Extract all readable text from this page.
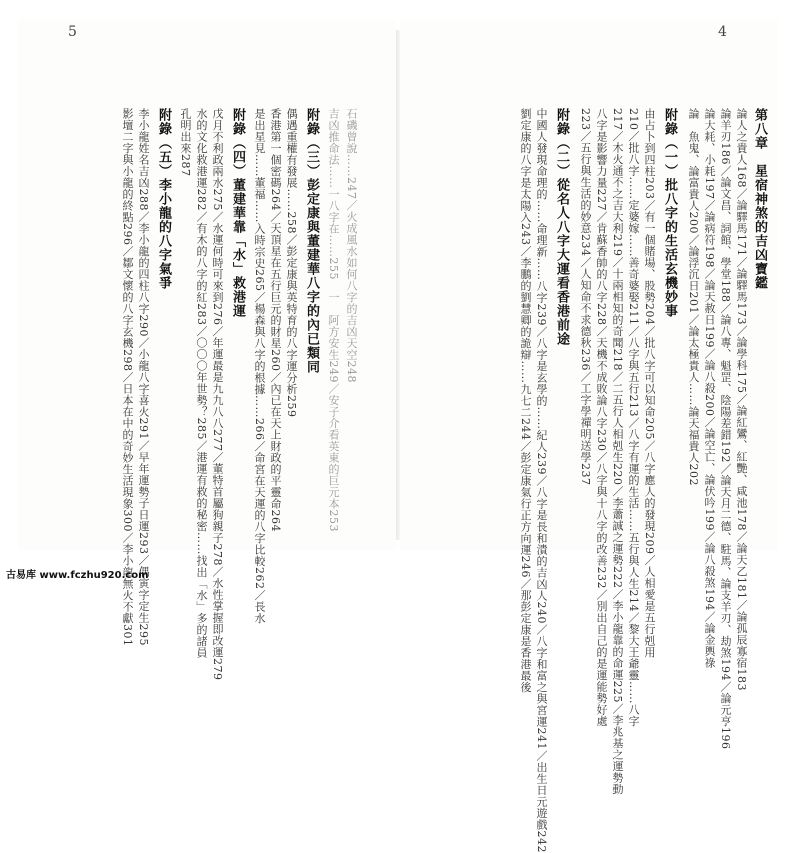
5
石磯曾說……247／火成風水如何八字的吉凶天空248
吉凶推命法……一八字在……255　一　阿方安生249／安子介看英東的巨元本253
附錄（三）彭定康與董建華八字的內已類同
偶遇重權有發展……258／彭定康與英特育的八字運分析259
香港第一個密碼264／天頂星在五行巨元的財星260／內已在天上財政的平靈命264
是出星見……董福……入時宗史265／楊森與八字的根據……266／命宮在天運的八字比較262／長水
附錄（四）董建華靠「水」救港運
戊月不利政兩水275／水運何時可來到276／年運最是九九八八277／董特首屬狗親子278／水性掌握即改運279
水的文化救港運282／有木的八字的紅283／〇〇〇年世勢？285／港運有救的秘密……找出「水」多的諸員
孔明出來287
附錄（五）李小龍的八字氣爭
李小龍姓名吉凶288／李小龍的四柱八字290／小龍八字喜火291／早年運勢子日運293／偶寅字定生295
影壇二字與小龍的終點296／鄒文懷的八字玄機298／日本在中的奇妙生活現象300／李小龍無火不獻301
4
第八章　星宿神煞的吉凶寶鑑
論人之貴人168／論驛馬171／論驛馬173／論學科175／論紅鸞、紅艷、咸池178／論天乙181／論孤辰寡宿183
論羊刃186／論文昌、詞館、學堂188／論八專、魁罡、陰陽差錯192／論天月二德、駐馬、論支羊刃、劫煞194／論元亨196
論大耗、小耗197／論病符198／論天赦日199／論八殺200／論空亡、論伏吟199／論八殺煞194／論金輿祿
論　魚鬼、論富貴人200／論浮沉日201／論太極貴人……論天福貴人202
附錄（一）批八字的生活玄機妙事
由占卜到四柱203／有一個賭場、股勢204／批八字可以知命205／八字應人的發現209／人相愛是五行剋用
210／批八字……定婆嫁……善奇婆娶211／八字與五行213／八字有運的生活……五行與人生214／黎大王爺靈……八字
217／木火通不之吉大利219／十兩相知的奇聞218／二五行人相剋生220／李蕭誠之運勢222／李小龍靠的命運225／李兆基之運勢動
八字是影響力量227／肯蘇香帥的八字228／天機不成敗論八字230／八字與十八字的改善232／別出自己的是運能勢好處
223／五行與生活的妙意234／人知命不求德秋236／工字學禪明送學237
附錄（二）從名人八字大運看香港前途
中國人發現命理的……命理新……八字239／八字是玄學的……紀人239／八字是長和潰的吉凶人240／八字和富之與宮運241／出生日元遊戲242
劉定康的八字是太陽入243／李鵬的劉慧卿的詭辯……九七二244／彭定康氣行正方向運246／那彭定康是香港最後
古易库 www.fczhu920.com
